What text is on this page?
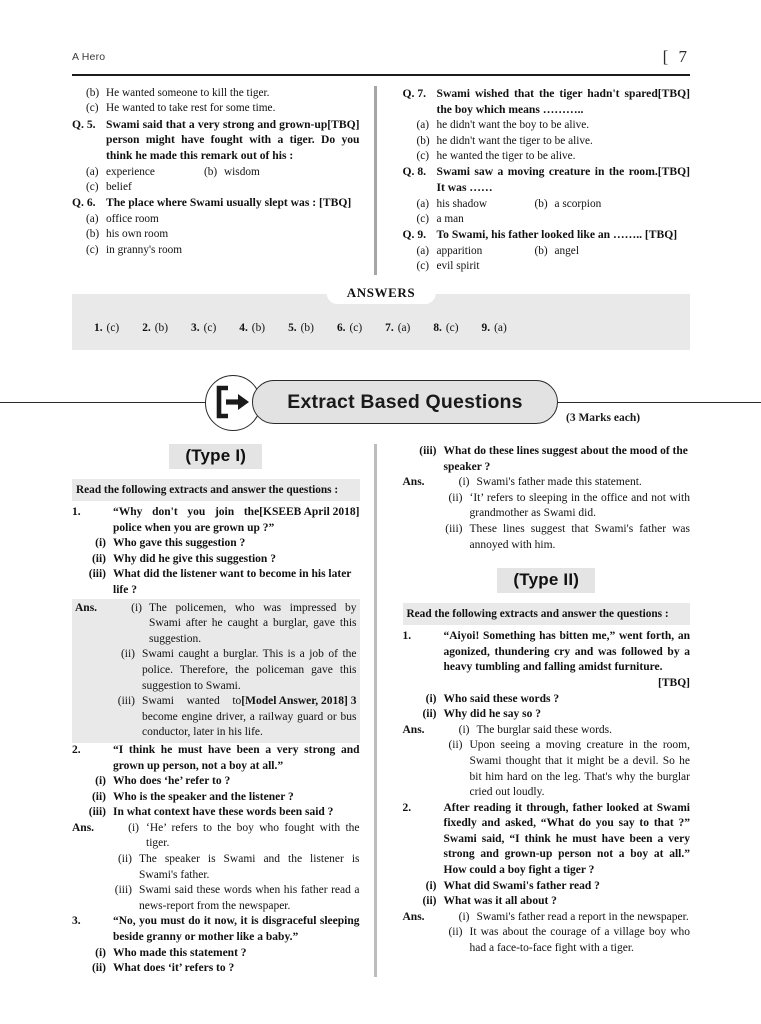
A Hero	[ 7
(b) He wanted someone to kill the tiger.
(c) He wanted to take rest for some time.
Q. 5.	[TBQ]
Swami said that a very strong and grown-up person might have fought with a tiger. Do you think he made this remark out of his :
(a) experience	(b) wisdom
(c) belief
Q. 6. The place where Swami usually slept was : [TBQ]
(a) office room
(b) his own room
(c) in granny's room
Q. 7.	[TBQ]
Swami wished that the tiger hadn't spared the boy which means ………..
(a) he didn't want the boy to be alive.
(b) he didn't want the tiger to be alive.
(c) he wanted the tiger to be alive.
Q. 8.	[TBQ]
Swami saw a moving creature in the room. It was ……
(a) his shadow	(b) a scorpion
(c) a man
Q. 9. To Swami, his father looked like an …….. [TBQ]
(a) apparition	(b) angel
(c) evil spirit
ANSWERS
1. (c) 2. (b) 3. (c) 4. (b) 5. (b) 6. (c) 7. (a) 8. (c) 9. (a)
Extract Based Questions
(3 Marks each)
(Type I)
Read the following extracts and answer the questions :
1.	[KSEEB April 2018]
“Why don't you join the police when you are grown up ?”
(i) Who gave this suggestion ?
(ii) Why did he give this suggestion ?
(iii) What did the listener want to become in his later life ?
Ans.	(i) The policemen, who was impressed by Swami after he caught a burglar, gave this suggestion.
(ii) Swami caught a burglar. This is a job of the police. Therefore, the policeman gave this suggestion to Swami.
(iii)	[Model Answer, 2018] 3
Swami wanted to become engine driver, a railway guard or bus conductor, later in his life.
2.	“I think he must have been a very strong and grown up person, not a boy at all.”
(i) Who does ‘he’ refer to ?
(ii) Who is the speaker and the listener ?
(iii) In what context have these words been said ?
Ans.	(i) ‘He’ refers to the boy who fought with the tiger.
(ii) The speaker is Swami and the listener is Swami's father.
(iii) Swami said these words when his father read a news-report from the newspaper.
3.	“No, you must do it now, it is disgraceful sleeping beside granny or mother like a baby.”
(i) Who made this statement ?
(ii) What does ‘it’ refers to ?
(iii) What do these lines suggest about the mood of the speaker ?
Ans.	(i) Swami's father made this statement.
(ii) ‘It’ refers to sleeping in the office and not with grandmother as Swami did.
(iii) These lines suggest that Swami's father was annoyed with him.
(Type II)
Read the following extracts and answer the questions :
1.	“Aiyoi! Something has bitten me,” went forth, an agonized, thundering cry and was followed by a heavy tumbling and falling amidst furniture.
[TBQ]
(i) Who said these words ?
(ii) Why did he say so ?
Ans.	(i) The burglar said these words.
(ii) Upon seeing a moving creature in the room, Swami thought that it might be a devil. So he bit him hard on the leg. That's why the burglar cried out loudly.
2.	After reading it through, father looked at Swami fixedly and asked, “What do you say to that ?” Swami said, “I think he must have been a very strong and grown-up person not a boy at all.” How could a boy fight a tiger ?
(i) What did Swami's father read ?
(ii) What was it all about ?
Ans.	(i) Swami's father read a report in the newspaper.
(ii) It was about the courage of a village boy who had a face-to-face fight with a tiger.
